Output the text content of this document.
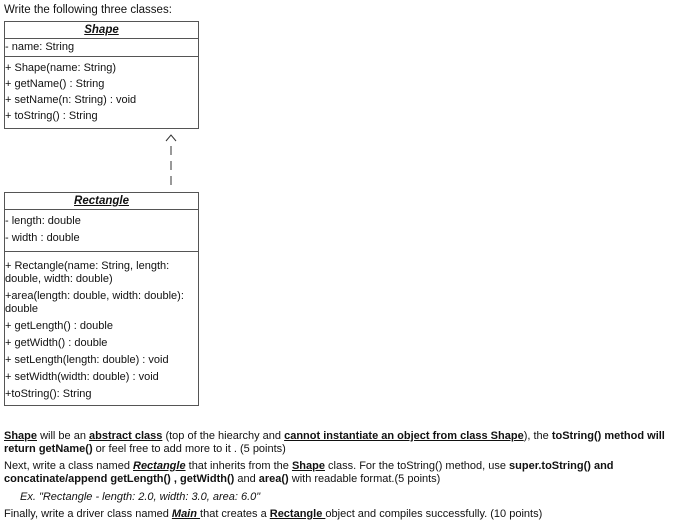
Write the following three classes:
Shape
- name: String
+ Shape(name: String)
+ getName() : String
+ setName(n: String) : void
+ toString() : String
Rectangle
- length: double
- width : double
+ Rectangle(name: String, length: double, width: double)
+area(length: double, width: double): double
+ getLength() : double
+ getWidth() : double
+ setLength(length: double) : void
+ setWidth(width: double) : void
+toString(): String
Shape will be an abstract class (top of the hiearchy and cannot instantiate an object from class Shape), the toString() method will return getName() or feel free to add more to it . (5 points)
Next, write a class named Rectangle that inherits from the Shape class. For the toString() method, use super.toString() and concatinate/append getLength() , getWidth() and area() with readable format.(5 points)
Ex. "Rectangle - length: 2.0, width: 3.0, area: 6.0"
Finally, write a driver class named Main that creates a Rectangle object and compiles successfully. (10 points)
